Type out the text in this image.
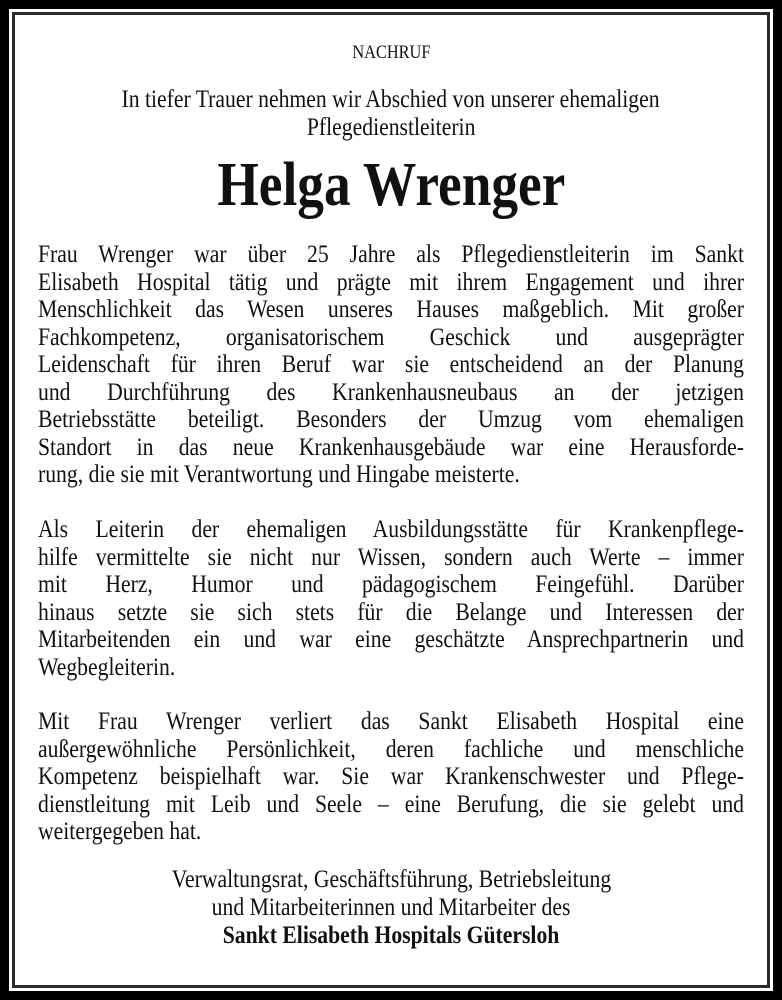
NACHRUF
In tiefer Trauer nehmen wir Abschied von unserer ehemaligen
Pflegedienstleiterin
Helga Wrenger
Frau Wrenger war über 25 Jahre als Pflegedienstleiterin im Sankt
Elisabeth Hospital tätig und prägte mit ihrem Engagement und ihrer
Menschlichkeit das Wesen unseres Hauses maßgeblich. Mit großer
Fachkompetenz, organisatorischem Geschick und ausgeprägter
Leidenschaft für ihren Beruf war sie entscheidend an der Planung
und Durchführung des Krankenhausneubaus an der jetzigen
Betriebsstätte beteiligt. Besonders der Umzug vom ehemaligen
Standort in das neue Krankenhausgebäude war eine Herausforde-
rung, die sie mit Verantwortung und Hingabe meisterte.
Als Leiterin der ehemaligen Ausbildungsstätte für Krankenpflege-
hilfe vermittelte sie nicht nur Wissen, sondern auch Werte – immer
mit Herz, Humor und pädagogischem Feingefühl. Darüber
hinaus setzte sie sich stets für die Belange und Interessen der
Mitarbeitenden ein und war eine geschätzte Ansprechpartnerin und
Wegbegleiterin.
Mit Frau Wrenger verliert das Sankt Elisabeth Hospital eine
außergewöhnliche Persönlichkeit, deren fachliche und menschliche
Kompetenz beispielhaft war. Sie war Krankenschwester und Pflege-
dienstleitung mit Leib und Seele – eine Berufung, die sie gelebt und
weitergegeben hat.
Verwaltungsrat, Geschäftsführung, Betriebsleitung
und Mitarbeiterinnen und Mitarbeiter des
Sankt Elisabeth Hospitals Gütersloh
